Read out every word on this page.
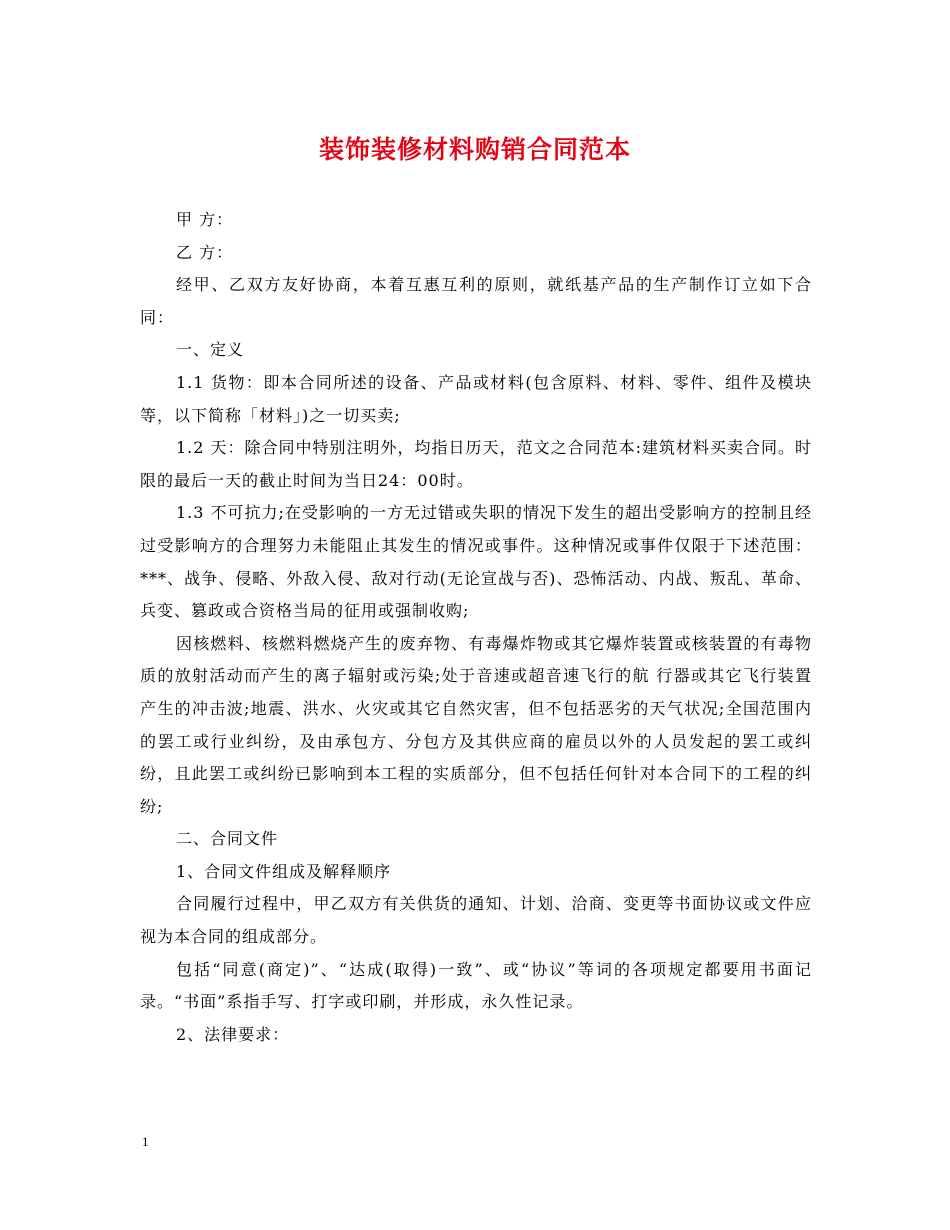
装饰装修材料购销合同范本

甲 方：

乙 方：

经甲、乙双方友好协商，本着互惠互利的原则，就纸基产品的生产制作订立如下合同：

一、定义

1.1 货物：即本合同所述的设备、产品或材料(包含原料、材料、零件、组件及模块等，以下简称「材料」)之一切买卖;

1.2 天：除合同中特别注明外，均指日历天，范文之合同范本:建筑材料买卖合同。时限的最后一天的截止时间为当日24：00时。

1.3 不可抗力;在受影响的一方无过错或失职的情况下发生的超出受影响方的控制且经过受影响方的合理努力未能阻止其发生的情况或事件。这种情况或事件仅限于下述范围：***、战争、侵略、外敌入侵、敌对行动(无论宣战与否)、恐怖活动、内战、叛乱、革命、兵变、篡政或合资格当局的征用或强制收购;

因核燃料、核燃料燃烧产生的废弃物、有毒爆炸物或其它爆炸装置或核装置的有毒物质的放射活动而产生的离子辐射或污染;处于音速或超音速飞行的航 行器或其它飞行装置产生的冲击波;地震、洪水、火灾或其它自然灾害，但不包括恶劣的天气状况;全国范围内的罢工或行业纠纷，及由承包方、分包方及其供应商的雇员以外的人员发起的罢工或纠纷，且此罢工或纠纷已影响到本工程的实质部分，但不包括任何针对本合同下的工程的纠纷;

二、合同文件

1、合同文件组成及解释顺序

合同履行过程中，甲乙双方有关供货的通知、计划、洽商、变更等书面协议或文件应视为本合同的组成部分。

包括“同意(商定)”、“达成(取得)一致”、或“协议”等词的各项规定都要用书面记录。“书面”系指手写、打字或印刷，并形成，永久性记录。

2、法律要求：

1
